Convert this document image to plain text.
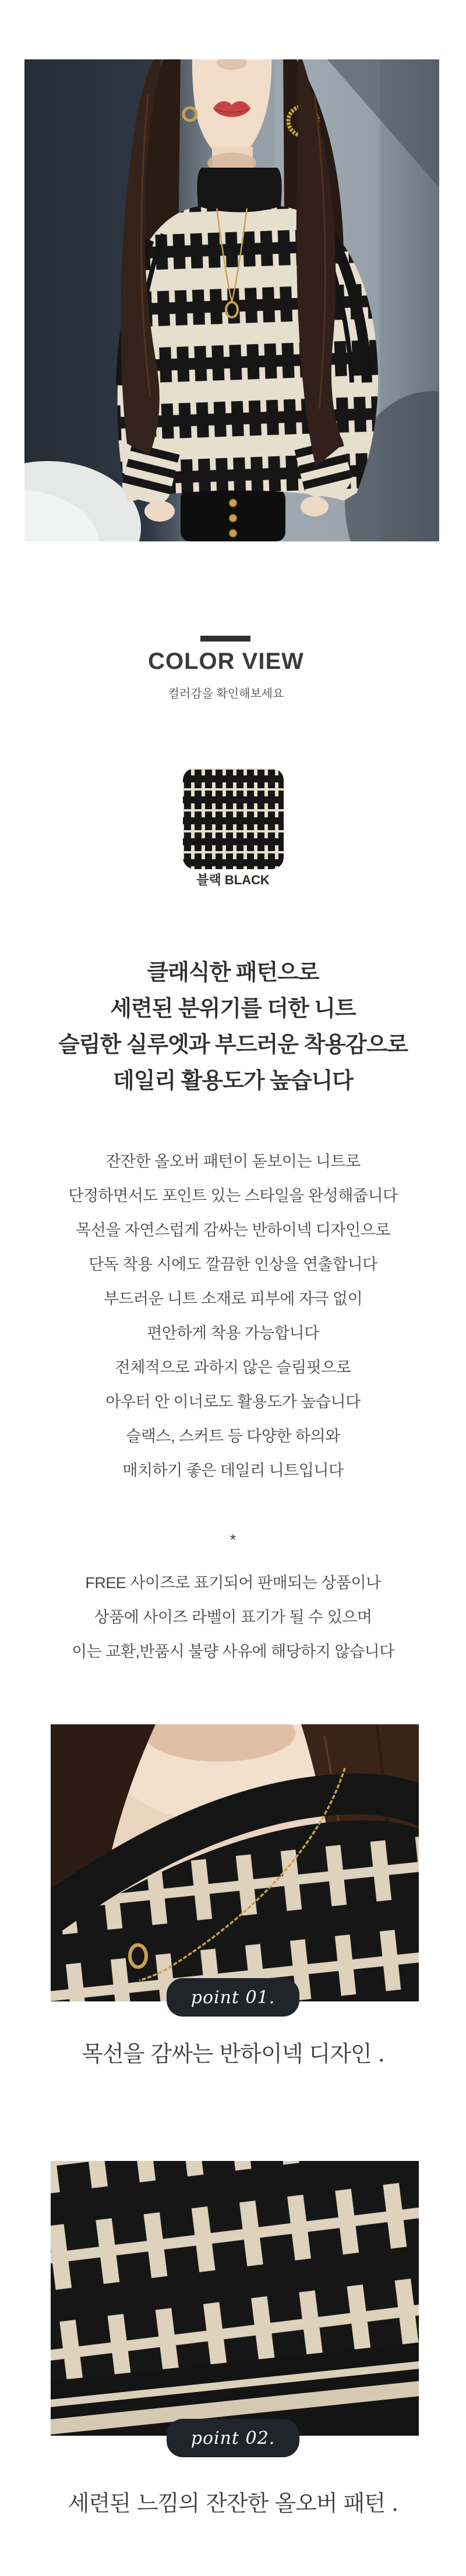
COLOR VIEW
컬러감을 확인해보세요
블랙 BLACK
클래식한 패턴으로
세련된 분위기를 더한 니트
슬림한 실루엣과 부드러운 착용감으로
데일리 활용도가 높습니다
잔잔한 올오버 패턴이 돋보이는 니트로
단정하면서도 포인트 있는 스타일을 완성해줍니다
목선을 자연스럽게 감싸는 반하이넥 디자인으로
단독 착용 시에도 깔끔한 인상을 연출합니다
부드러운 니트 소재로 피부에 자극 없이
편안하게 착용 가능합니다
전체적으로 과하지 않은 슬림핏으로
아우터 안 이너로도 활용도가 높습니다
슬랙스, 스커트 등 다양한 하의와
매치하기 좋은 데일리 니트입니다
*
FREE 사이즈로 표기되어 판매되는 상품이나
상품에 사이즈 라벨이 표기가 될 수 있으며
이는 교환,반품시 불량 사유에 해당하지 않습니다
point 01.
목선을 감싸는 반하이넥 디자인 .
point 02.
세련된 느낌의 잔잔한 올오버 패턴 .
